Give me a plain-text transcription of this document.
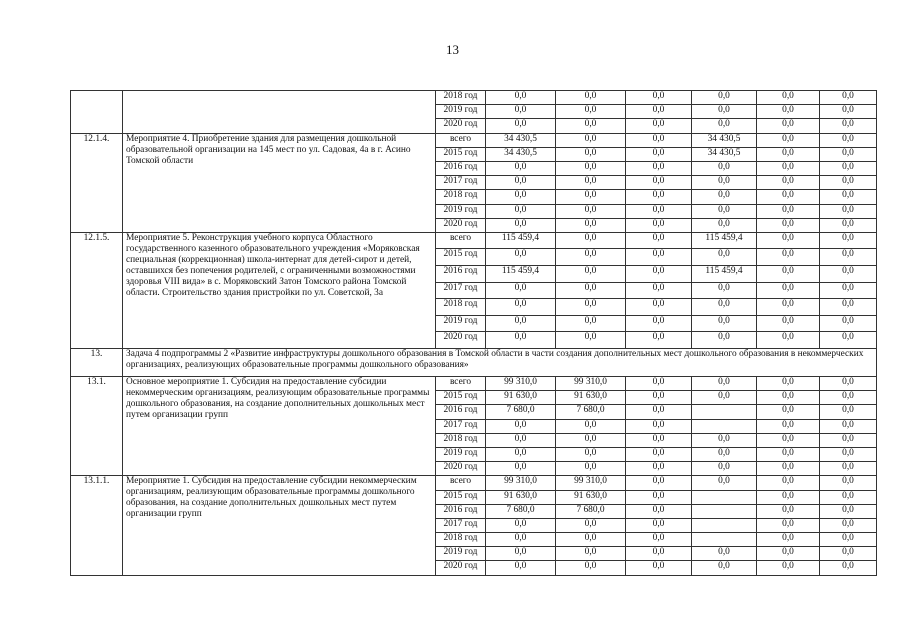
13
		2018 год	0,0	0,0	0,0	0,0	0,0	0,0
		2019 год	0,0	0,0	0,0	0,0	0,0	0,0
		2020 год	0,0	0,0	0,0	0,0	0,0	0,0
12.1.4.	Мероприятие 4. Приобретение здания для размещения дошкольной образовательной организации на 145 мест по ул. Садовая, 4а в г. Асино Томской области	всего	34 430,5	0,0	0,0	34 430,5	0,0	0,0
		2015 год	34 430,5	0,0	0,0	34 430,5	0,0	0,0
		2016 год	0,0	0,0	0,0	0,0	0,0	0,0
		2017 год	0,0	0,0	0,0	0,0	0,0	0,0
		2018 год	0,0	0,0	0,0	0,0	0,0	0,0
		2019 год	0,0	0,0	0,0	0,0	0,0	0,0
		2020 год	0,0	0,0	0,0	0,0	0,0	0,0
12.1.5.	Мероприятие 5. Реконструкция учебного корпуса Областного государственного казенного образовательного учреждения «Моряковская специальная (коррекционная) школа-интернат для детей-сирот и детей, оставшихся без попечения родителей, с ограниченными возможностями здоровья VIII вида» в с. Моряковский Затон Томского района Томской области. Строительство здания пристройки по ул. Советской, 3а	всего	115 459,4	0,0	0,0	115 459,4	0,0	0,0
		2015 год	0,0	0,0	0,0	0,0	0,0	0,0
		2016 год	115 459,4	0,0	0,0	115 459,4	0,0	0,0
		2017 год	0,0	0,0	0,0	0,0	0,0	0,0
		2018 год	0,0	0,0	0,0	0,0	0,0	0,0
		2019 год	0,0	0,0	0,0	0,0	0,0	0,0
		2020 год	0,0	0,0	0,0	0,0	0,0	0,0
13.	Задача 4 подпрограммы 2 «Развитие инфраструктуры дошкольного образования в Томской области в части создания дополнительных мест дошкольного образования в некоммерческих организациях, реализующих образовательные программы дошкольного образования»							
13.1.	Основное мероприятие 1. Субсидия на предоставление субсидии некоммерческим организациям, реализующим образовательные программы дошкольного образования, на создание дополнительных дошкольных мест путем организации групп	всего	99 310,0	99 310,0	0,0	0,0	0,0	0,0
		2015 год	91 630,0	91 630,0	0,0	0,0	0,0	0,0
		2016 год	7 680,0	7 680,0	0,0		0,0	0,0
		2017 год	0,0	0,0	0,0		0,0	0,0
		2018 год	0,0	0,0	0,0	0,0	0,0	0,0
		2019 год	0,0	0,0	0,0	0,0	0,0	0,0
		2020 год	0,0	0,0	0,0	0,0	0,0	0,0
13.1.1.	Мероприятие 1. Субсидия на предоставление субсидии некоммерческим организациям, реализующим образовательные программы дошкольного образования, на создание дополнительных дошкольных мест путем организации групп	всего	99 310,0	99 310,0	0,0	0,0	0,0	0,0
		2015 год	91 630,0	91 630,0	0,0		0,0	0,0
		2016 год	7 680,0	7 680,0	0,0		0,0	0,0
		2017 год	0,0	0,0	0,0		0,0	0,0
		2018 год	0,0	0,0	0,0		0,0	0,0
		2019 год	0,0	0,0	0,0	0,0	0,0	0,0
		2020 год	0,0	0,0	0,0	0,0	0,0	0,0
